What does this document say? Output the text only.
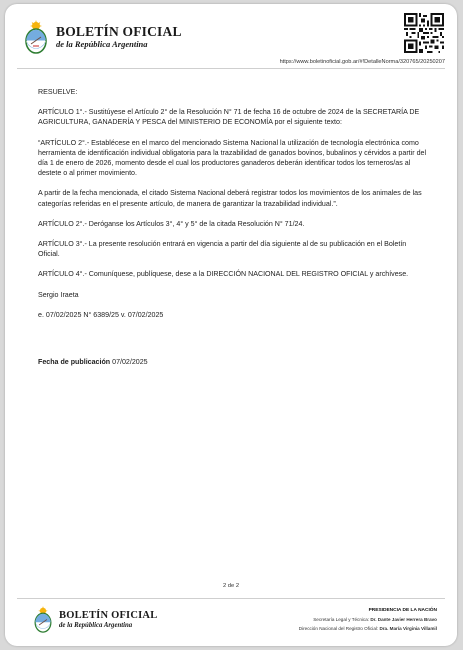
BOLETÍN OFICIAL
de la República Argentina
https://www.boletinoficial.gob.ar/#!DetalleNorma/320765/20250207

RESUELVE:

ARTÍCULO 1°.- Sustitúyese el Artículo 2° de la Resolución N° 71 de fecha 16 de octubre de 2024 de la SECRETARÍA DE AGRICULTURA, GANADERÍA Y PESCA del MINISTERIO DE ECONOMÍA por el siguiente texto:

“ARTÍCULO 2°.- Establécese en el marco del mencionado Sistema Nacional la utilización de tecnología electrónica como herramienta de identificación individual obligatoria para la trazabilidad de ganados bovinos, bubalinos y cérvidos a partir del día 1 de enero de 2026, momento desde el cual los productores ganaderos deberán identificar todos los terneros/as al destete o al primer movimiento.

A partir de la fecha mencionada, el citado Sistema Nacional deberá registrar todos los movimientos de los animales de las categorías referidas en el presente artículo, de manera de garantizar la trazabilidad individual.”.

ARTÍCULO 2°.- Deróganse los Artículos 3°, 4° y 5° de la citada Resolución N° 71/24.

ARTÍCULO 3°.- La presente resolución entrará en vigencia a partir del día siguiente al de su publicación en el Boletín Oficial.

ARTÍCULO 4°.- Comuníquese, publíquese, dese a la DIRECCIÓN NACIONAL DEL REGISTRO OFICIAL y archívese.

Sergio Iraeta

e. 07/02/2025 N° 6389/25 v. 07/02/2025

Fecha de publicación 07/02/2025
2 de 2
BOLETÍN OFICIAL
de la República Argentina
PRESIDENCIA DE LA NACIÓN
Secretaría Legal y Técnica: Dr. Dante Javier Herrera Bravo
Dirección Nacional del Registro Oficial: Dra. María Virginia Villamil
